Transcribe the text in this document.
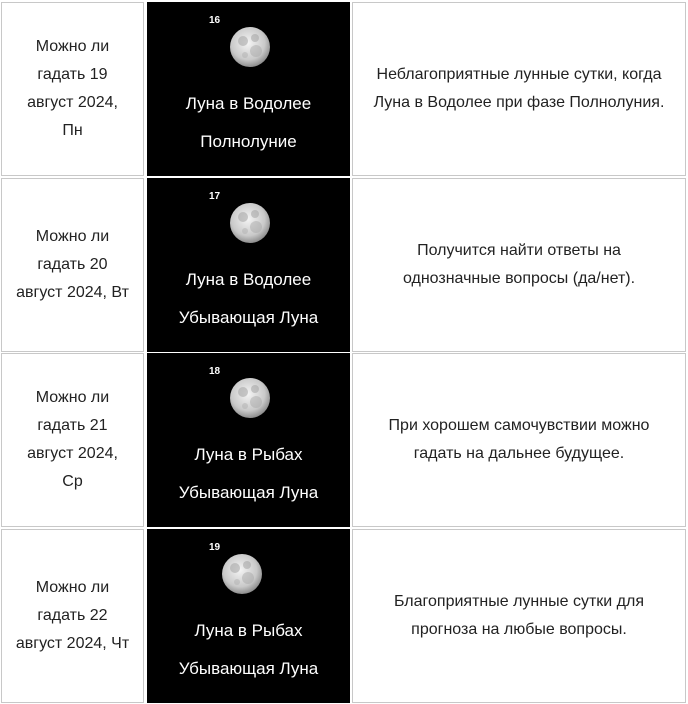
Можно ли
гадать 19
август 2024,
Пн
16
Луна в Водолее
Полнолуние
Неблагоприятные лунные сутки, когда Луна в Водолее при фазе Полнолуния.
Можно ли
гадать 20
август 2024, Вт
17
Луна в Водолее
Убывающая Луна
Получится найти ответы на однозначные вопросы (да/нет).
Можно ли
гадать 21
август 2024,
Ср
18
Луна в Рыбах
Убывающая Луна
При хорошем самочувствии можно гадать на дальнее будущее.
Можно ли
гадать 22
август 2024, Чт
19
Луна в Рыбах
Убывающая Луна
Благоприятные лунные сутки для прогноза на любые вопросы.
